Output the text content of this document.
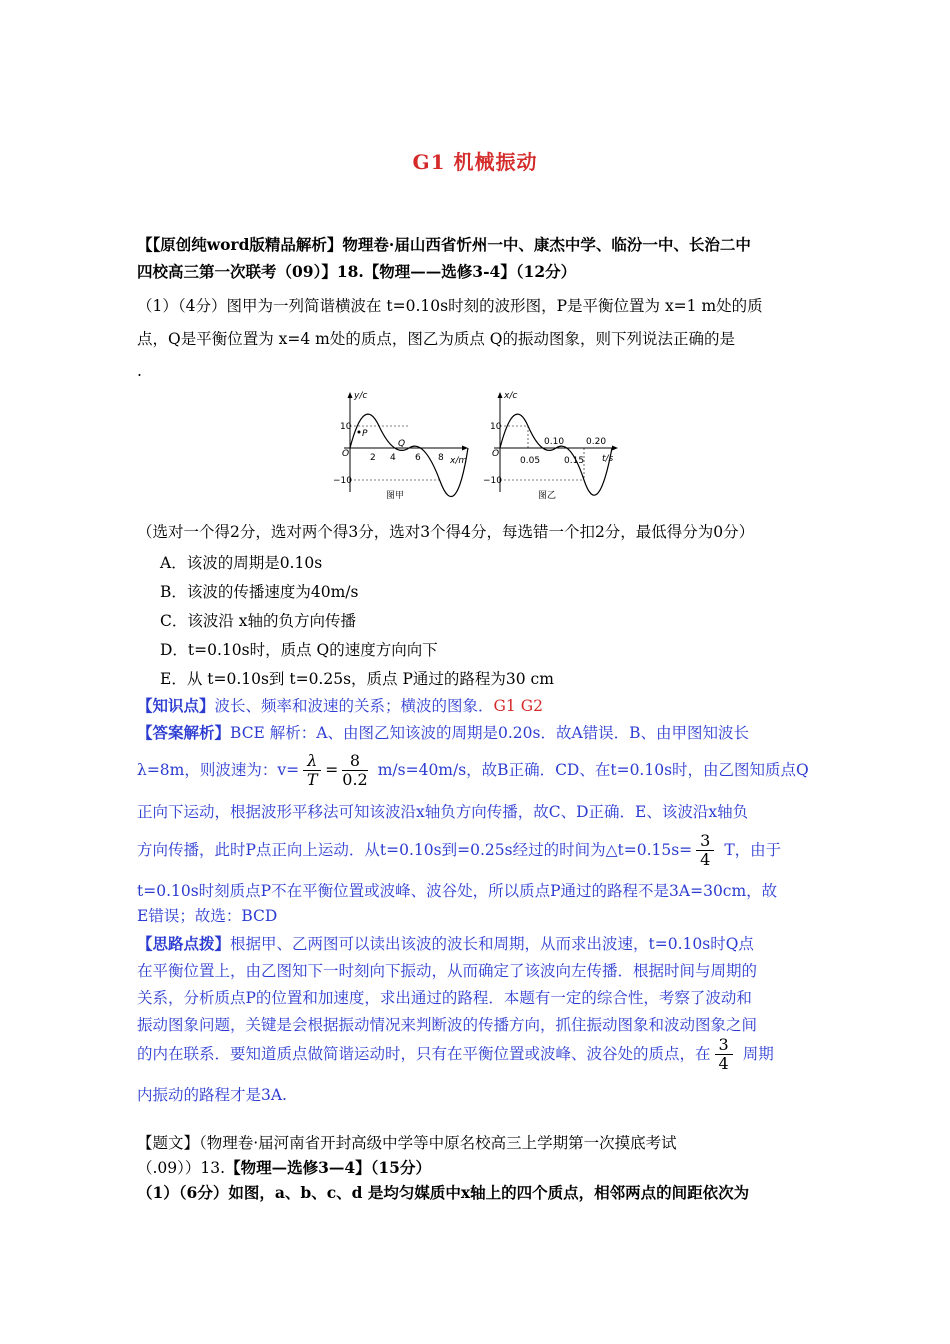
G1 机械振动
【【原创纯word版精品解析】物理卷·届山西省忻州一中、康杰中学、临汾一中、长治二中
四校高三第一次联考（09）】18.【物理——选修3-4】（12分）
（1）（4分）图甲为一列简谐横波在 t=0.10s时刻的波形图，P是平衡位置为 x=1 m处的质
点，Q是平衡位置为 x=4 m处的质点，图乙为质点 Q的振动图象，则下列说法正确的是
.
y/c
10
−10
O 2 4 6 8 x/m
P
Q
图甲
x/c
10
−10
O
0.10 0.20
0.05	0.15 t/s
图乙
（选对一个得2分，选对两个得3分，选对3个得4分，每选错一个扣2分，最低得分为0分）
A．该波的周期是0.10s
B．该波的传播速度为40m/s
C．该波沿 x轴的负方向传播
D．t=0.10s时，质点 Q的速度方向向下
E．从 t=0.10s到 t=0.25s，质点 P通过的路程为30 cm
【知识点】波长、频率和波速的关系；横波的图象．G1 G2
【答案解析】BCE 解析：A、由图乙知该波的周期是0.20s．故A错误．B、由甲图知波长
λ=8m，则波速为：$v= \frac{\lambda}{T} = \frac{8}{0.2} m/s=40m/s$，故B正确．CD、在t=0.10s时，由乙图知质点Q
正向下运动，根据波形平移法可知该波沿x轴负方向传播，故C、D正确．E、该波沿x轴负
方向传播，此时P点正向上运动．从t=0.10s到=0.25s经过的时间为△t=0.15s= $\frac{3}{4}$ T，由于
t=0.10s时刻质点P不在平衡位置或波峰、波谷处，所以质点P通过的路程不是3A=30cm，故
E错误；故选：BCD
【思路点拨】根据甲、乙两图可以读出该波的波长和周期，从而求出波速，t=0.10s时Q点
在平衡位置上，由乙图知下一时刻向下振动，从而确定了该波向左传播．根据时间与周期的
关系，分析质点P的位置和加速度，求出通过的路程．本题有一定的综合性，考察了波动和
振动图象问题，关键是会根据振动情况来判断波的传播方向，抓住振动图象和波动图象之间
的内在联系．要知道质点做简谐运动时，只有在平衡位置或波峰、波谷处的质点，在 $\frac{3}{4}$ 周期
内振动的路程才是3A.
【题文】（物理卷·届河南省开封高级中学等中原名校高三上学期第一次摸底考试
（.09））13.【物理—选修3—4】（15分）
（1）（6分）如图，a、b、c、d 是均匀媒质中x轴上的四个质点，相邻两点的间距依次为
